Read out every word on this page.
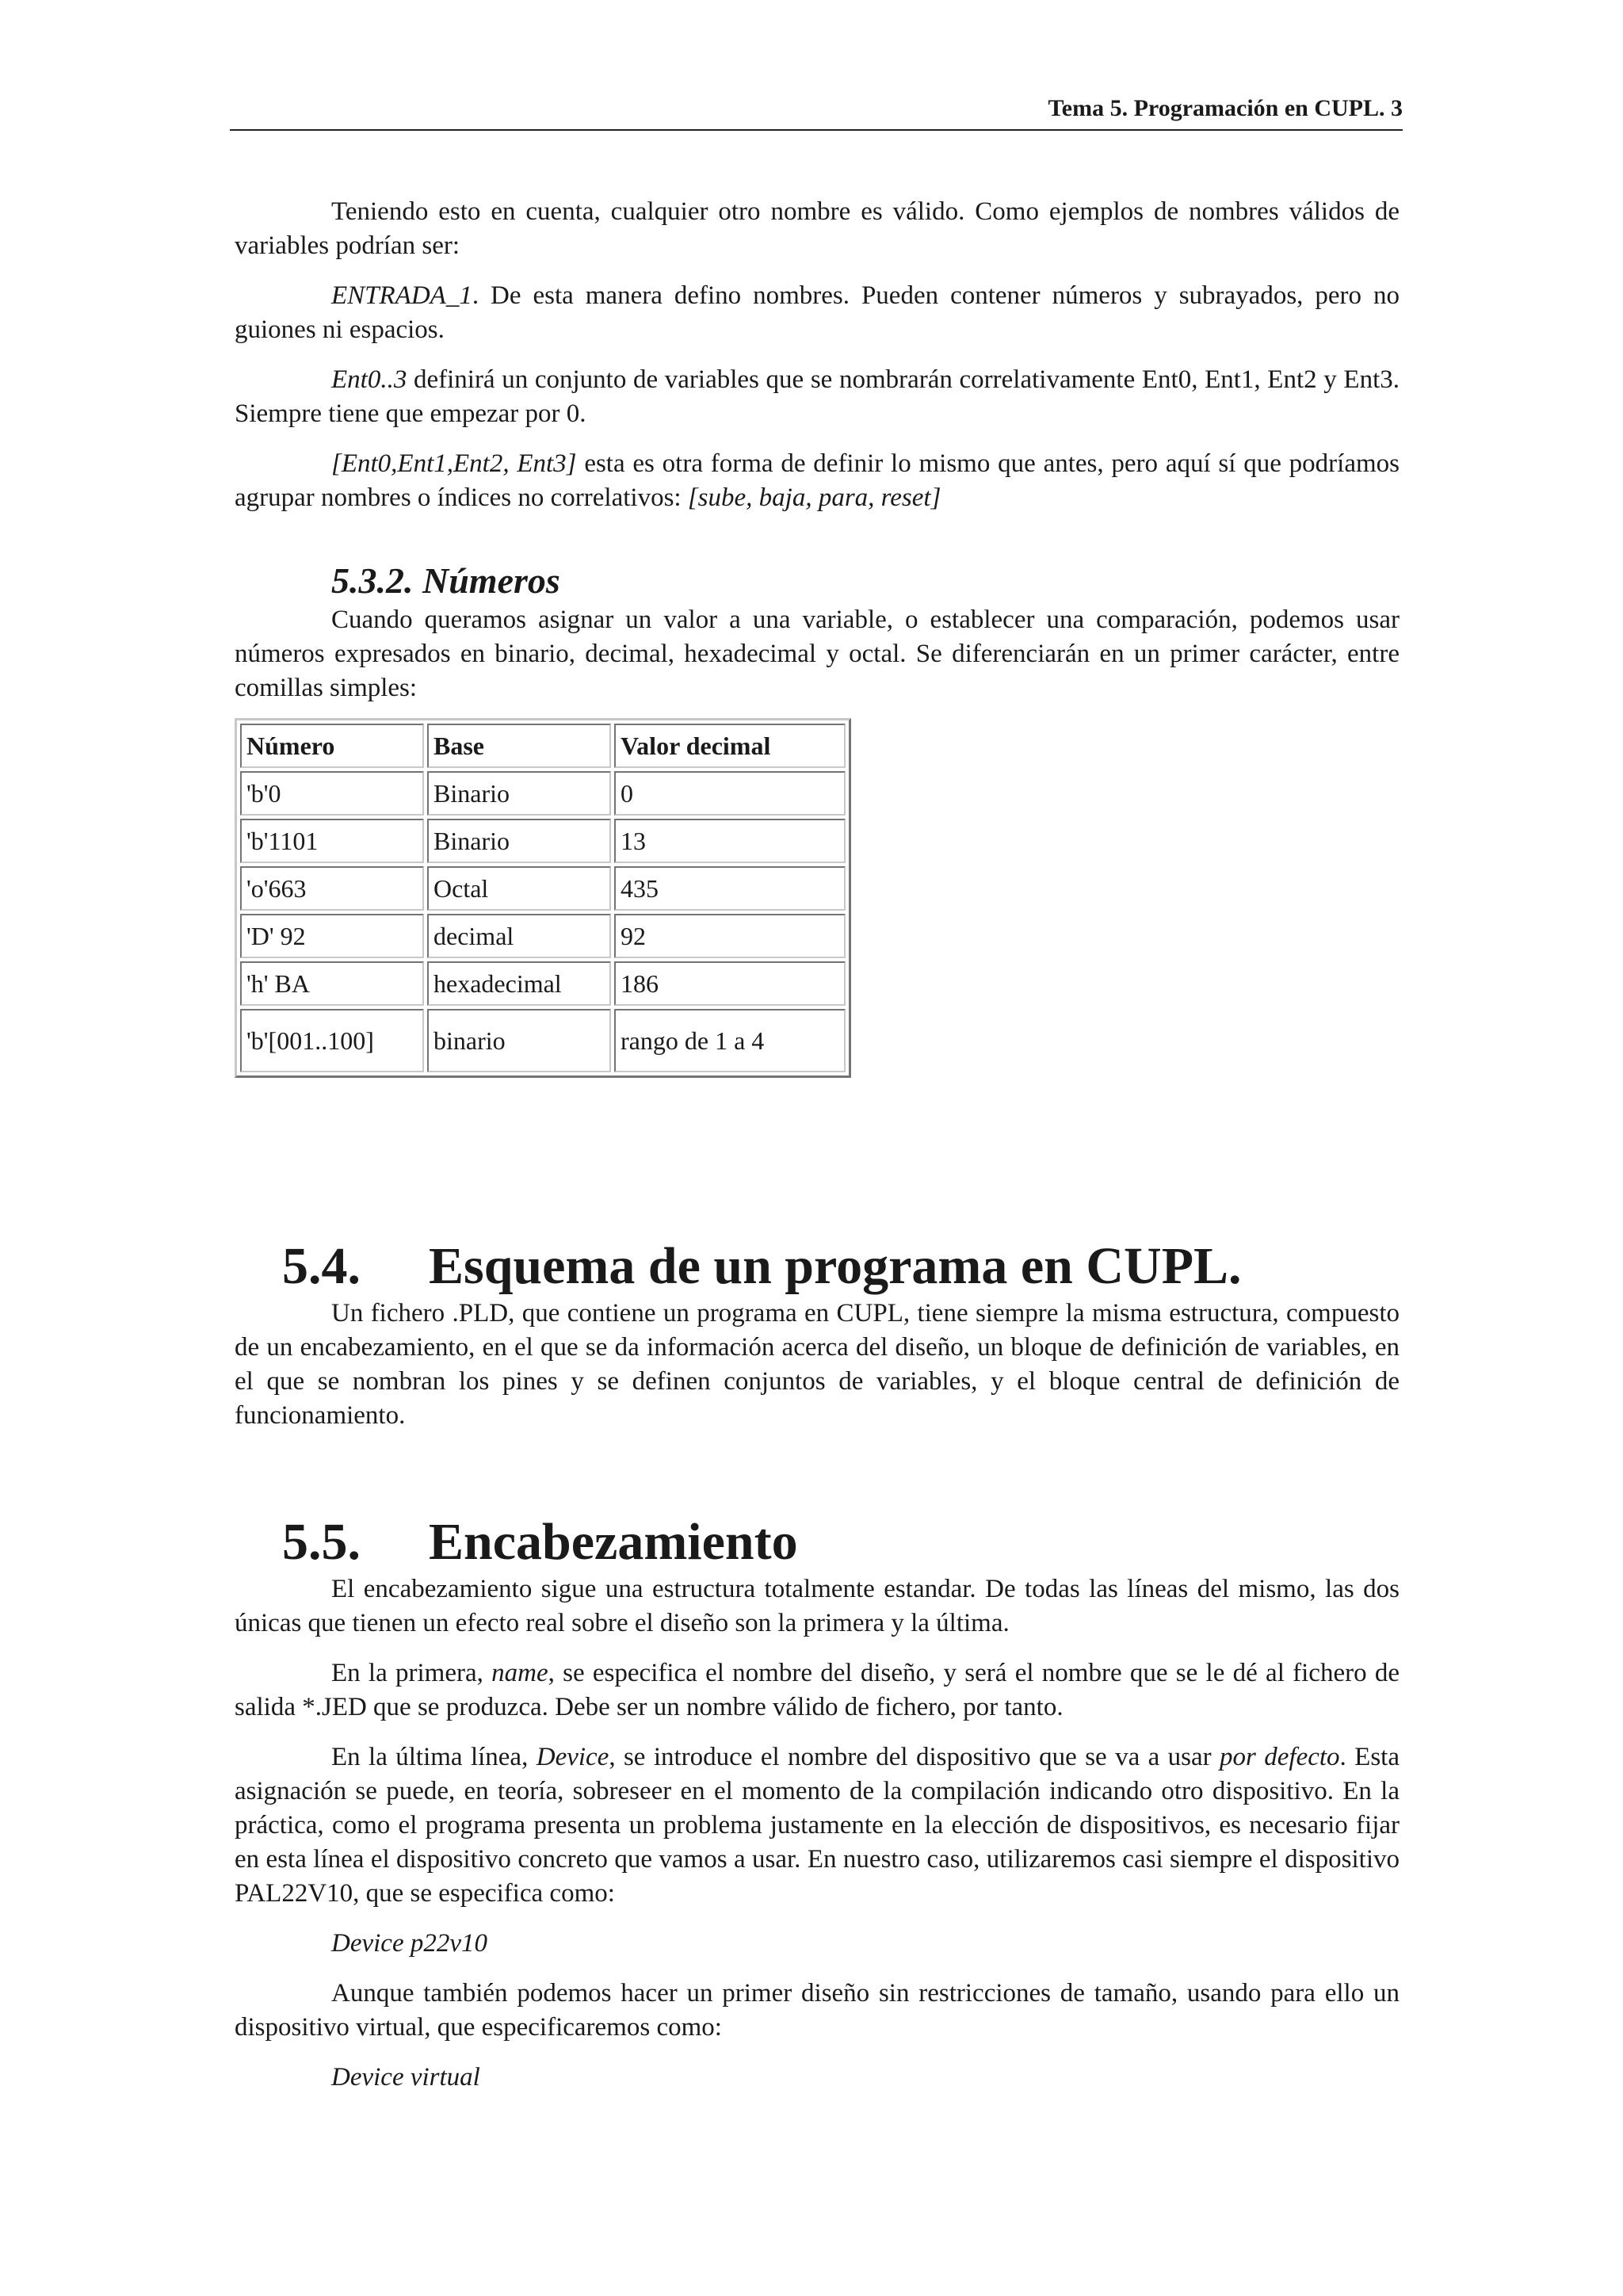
Tema 5. Programación en CUPL. 3

Teniendo esto en cuenta, cualquier otro nombre es válido. Como ejemplos de nombres válidos de variables podrían ser:

ENTRADA_1. De esta manera defino nombres. Pueden contener números y subrayados, pero no guiones ni espacios.

Ent0..3 definirá un conjunto de variables que se nombrarán correlativamente Ent0, Ent1, Ent2 y Ent3. Siempre tiene que empezar por 0.

[Ent0,Ent1,Ent2, Ent3] esta es otra forma de definir lo mismo que antes, pero aquí sí que podríamos agrupar nombres o índices no correlativos: [sube, baja, para, reset]

5.3.2. Números

Cuando queramos asignar un valor a una variable, o establecer una comparación, podemos usar números expresados en binario, decimal, hexadecimal y octal. Se diferenciarán en un primer carácter, entre comillas simples:

Número	Base	Valor decimal
'b'0	Binario	0
'b'1101	Binario	13
'o'663	Octal	435
'D' 92	decimal	92
'h' BA	hexadecimal	186
'b'[001..100]	binario	rango de 1 a 4
5.4. Esquema de un programa en CUPL.

Un fichero .PLD, que contiene un programa en CUPL, tiene siempre la misma estructura, compuesto de un encabezamiento, en el que se da información acerca del diseño, un bloque de definición de variables, en el que se nombran los pines y se definen conjuntos de variables, y el bloque central de definición de funcionamiento.

5.5. Encabezamiento

El encabezamiento sigue una estructura totalmente estandar. De todas las líneas del mismo, las dos únicas que tienen un efecto real sobre el diseño son la primera y la última.

En la primera, name, se especifica el nombre del diseño, y será el nombre que se le dé al fichero de salida *.JED que se produzca. Debe ser un nombre válido de fichero, por tanto.

En la última línea, Device, se introduce el nombre del dispositivo que se va a usar por defecto. Esta asignación se puede, en teoría, sobreseer en el momento de la compilación indicando otro dispositivo. En la práctica, como el programa presenta un problema justamente en la elección de dispositivos, es necesario fijar en esta línea el dispositivo concreto que vamos a usar. En nuestro caso, utilizaremos casi siempre el dispositivo PAL22V10, que se especifica como:

Device p22v10

Aunque también podemos hacer un primer diseño sin restricciones de tamaño, usando para ello un dispositivo virtual, que especificaremos como:

Device virtual
